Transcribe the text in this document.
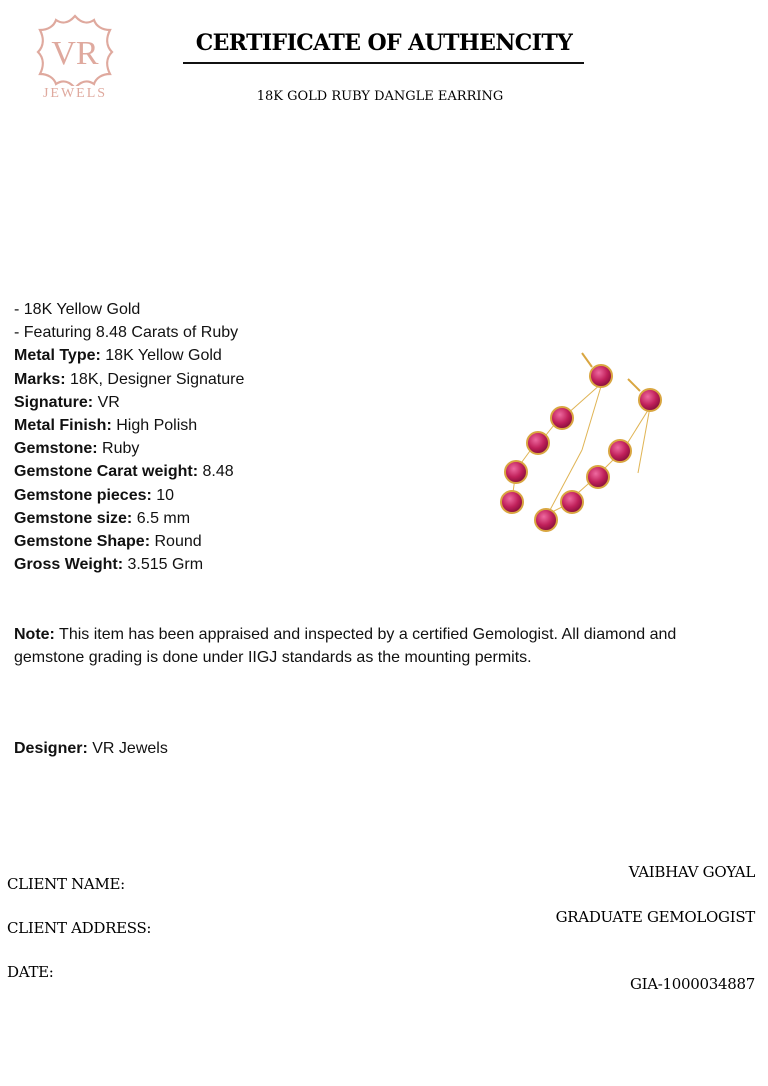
VR
JEWELS
CERTIFICATE OF AUTHENCITY
18K GOLD RUBY DANGLE EARRING
- 18K Yellow Gold
- Featuring 8.48 Carats of Ruby
Metal Type: 18K Yellow Gold
Marks: 18K, Designer Signature
Signature: VR
Metal Finish: High Polish
Gemstone: Ruby
Gemstone Carat weight: 8.48
Gemstone pieces: 10
Gemstone size: 6.5 mm
Gemstone Shape: Round
Gross Weight: 3.515 Grm
Note: This item has been appraised and inspected by a certified Gemologist. All diamond and gemstone grading is done under IIGJ standards as the mounting permits.
Designer: VR Jewels
CLIENT NAME:
CLIENT ADDRESS:
DATE:
VAIBHAV GOYAL
GRADUATE GEMOLOGIST
GIA-1000034887
